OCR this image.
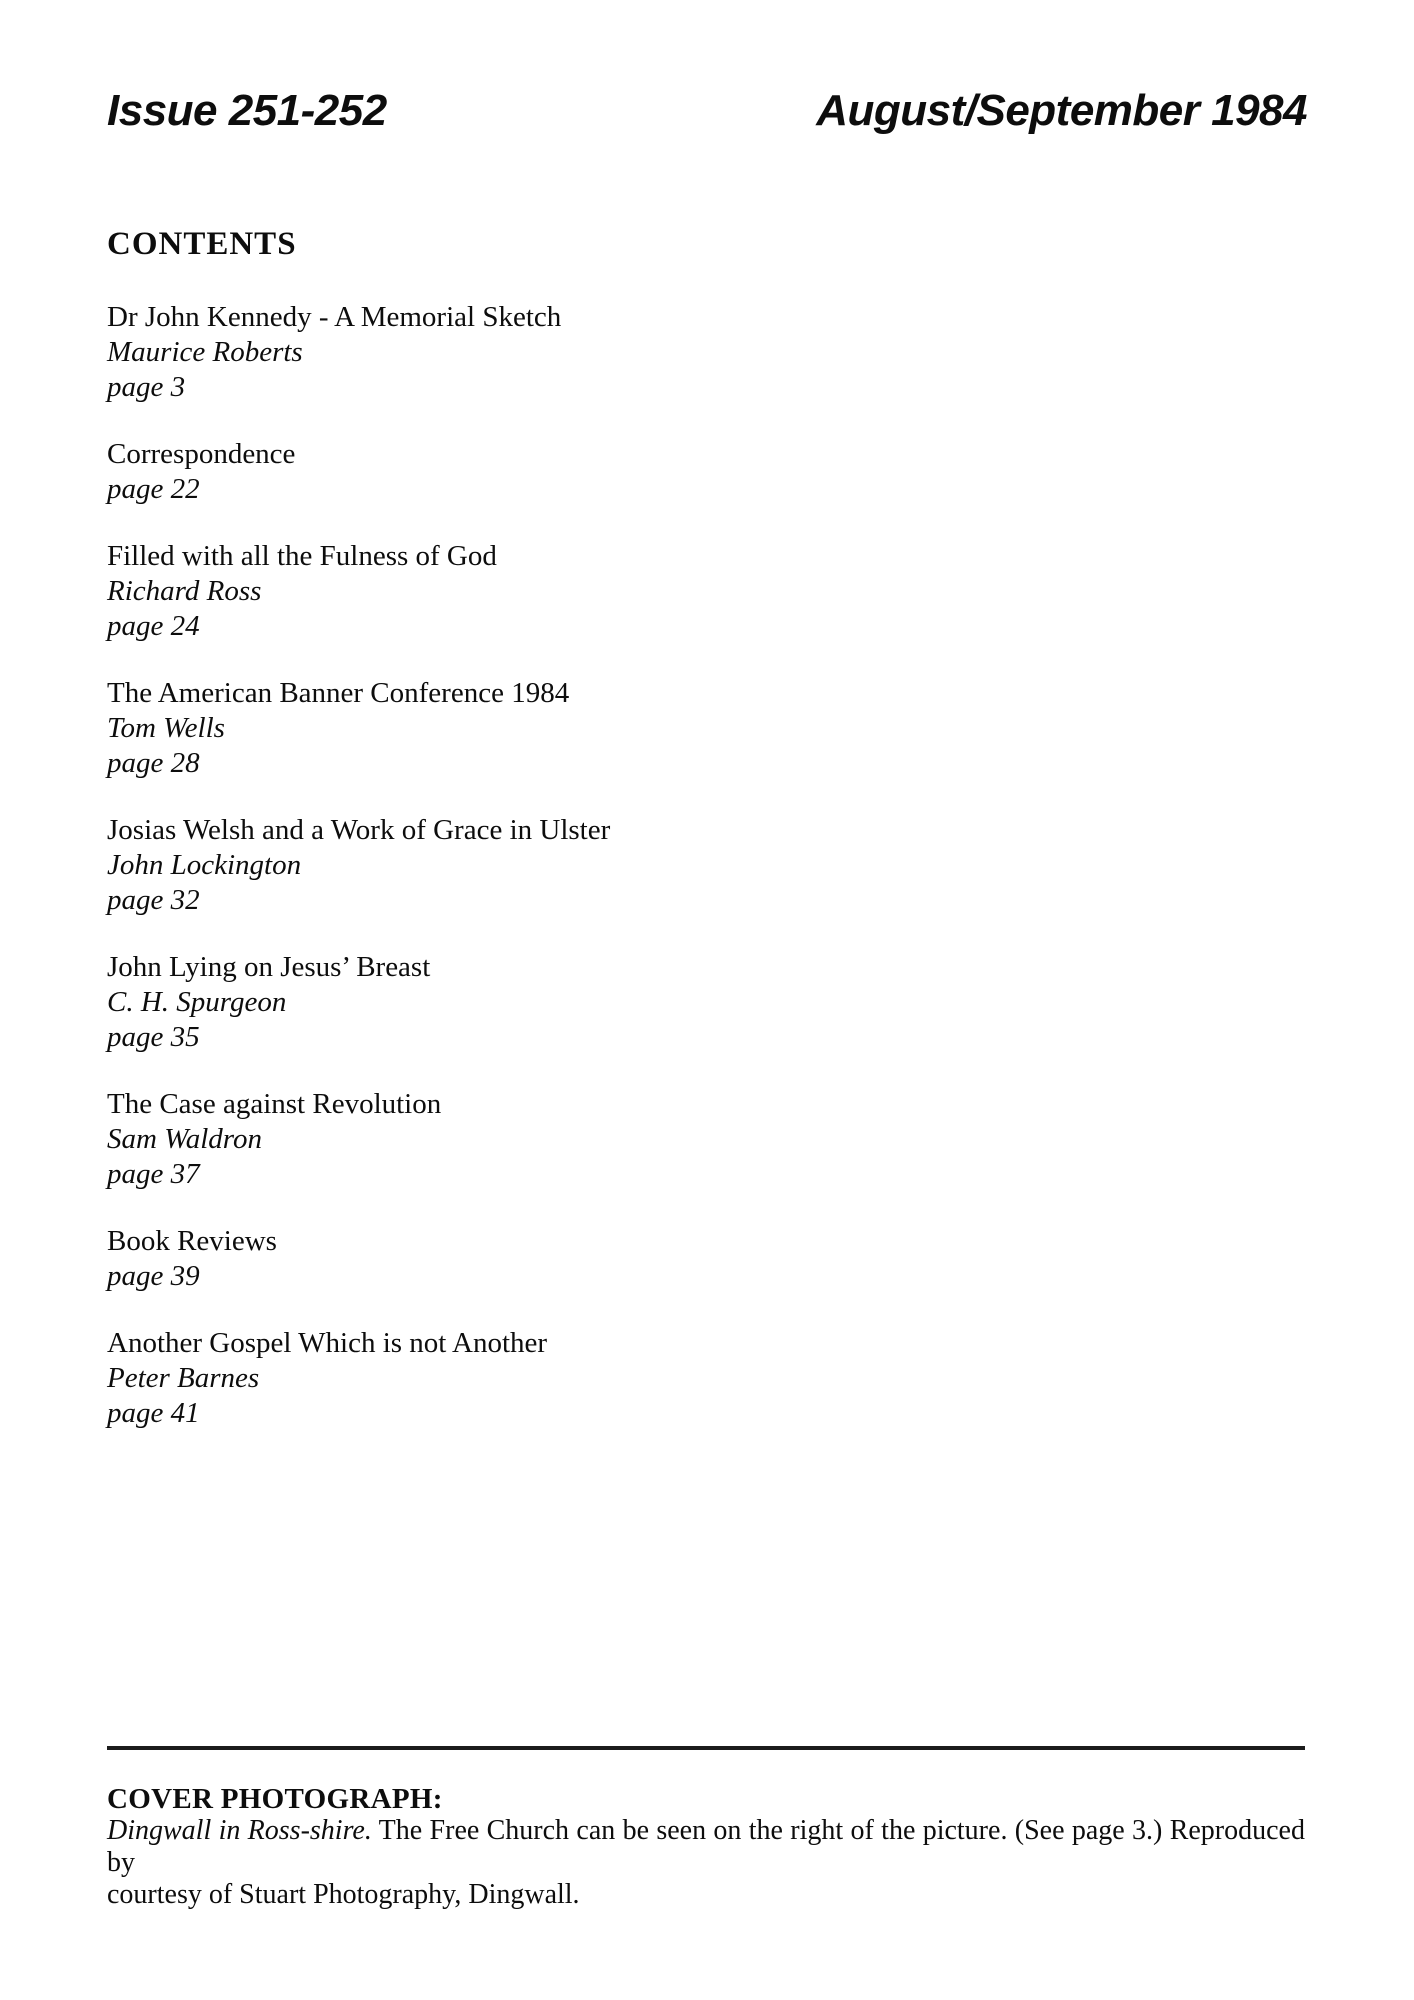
Issue 251-252	August/September 1984
CONTENTS
Dr John Kennedy - A Memorial Sketch
Maurice Roberts
page 3
Correspondence
page 22
Filled with all the Fulness of God
Richard Ross
page 24
The American Banner Conference 1984
Tom Wells
page 28
Josias Welsh and a Work of Grace in Ulster
John Lockington
page 32
John Lying on Jesus’ Breast
C. H. Spurgeon
page 35
The Case against Revolution
Sam Waldron
page 37
Book Reviews
page 39
Another Gospel Which is not Another
Peter Barnes
page 41
COVER PHOTOGRAPH:
Dingwall in Ross-shire. The Free Church can be seen on the right of the picture. (See page 3.) Reproduced by
courtesy of Stuart Photography, Dingwall.
